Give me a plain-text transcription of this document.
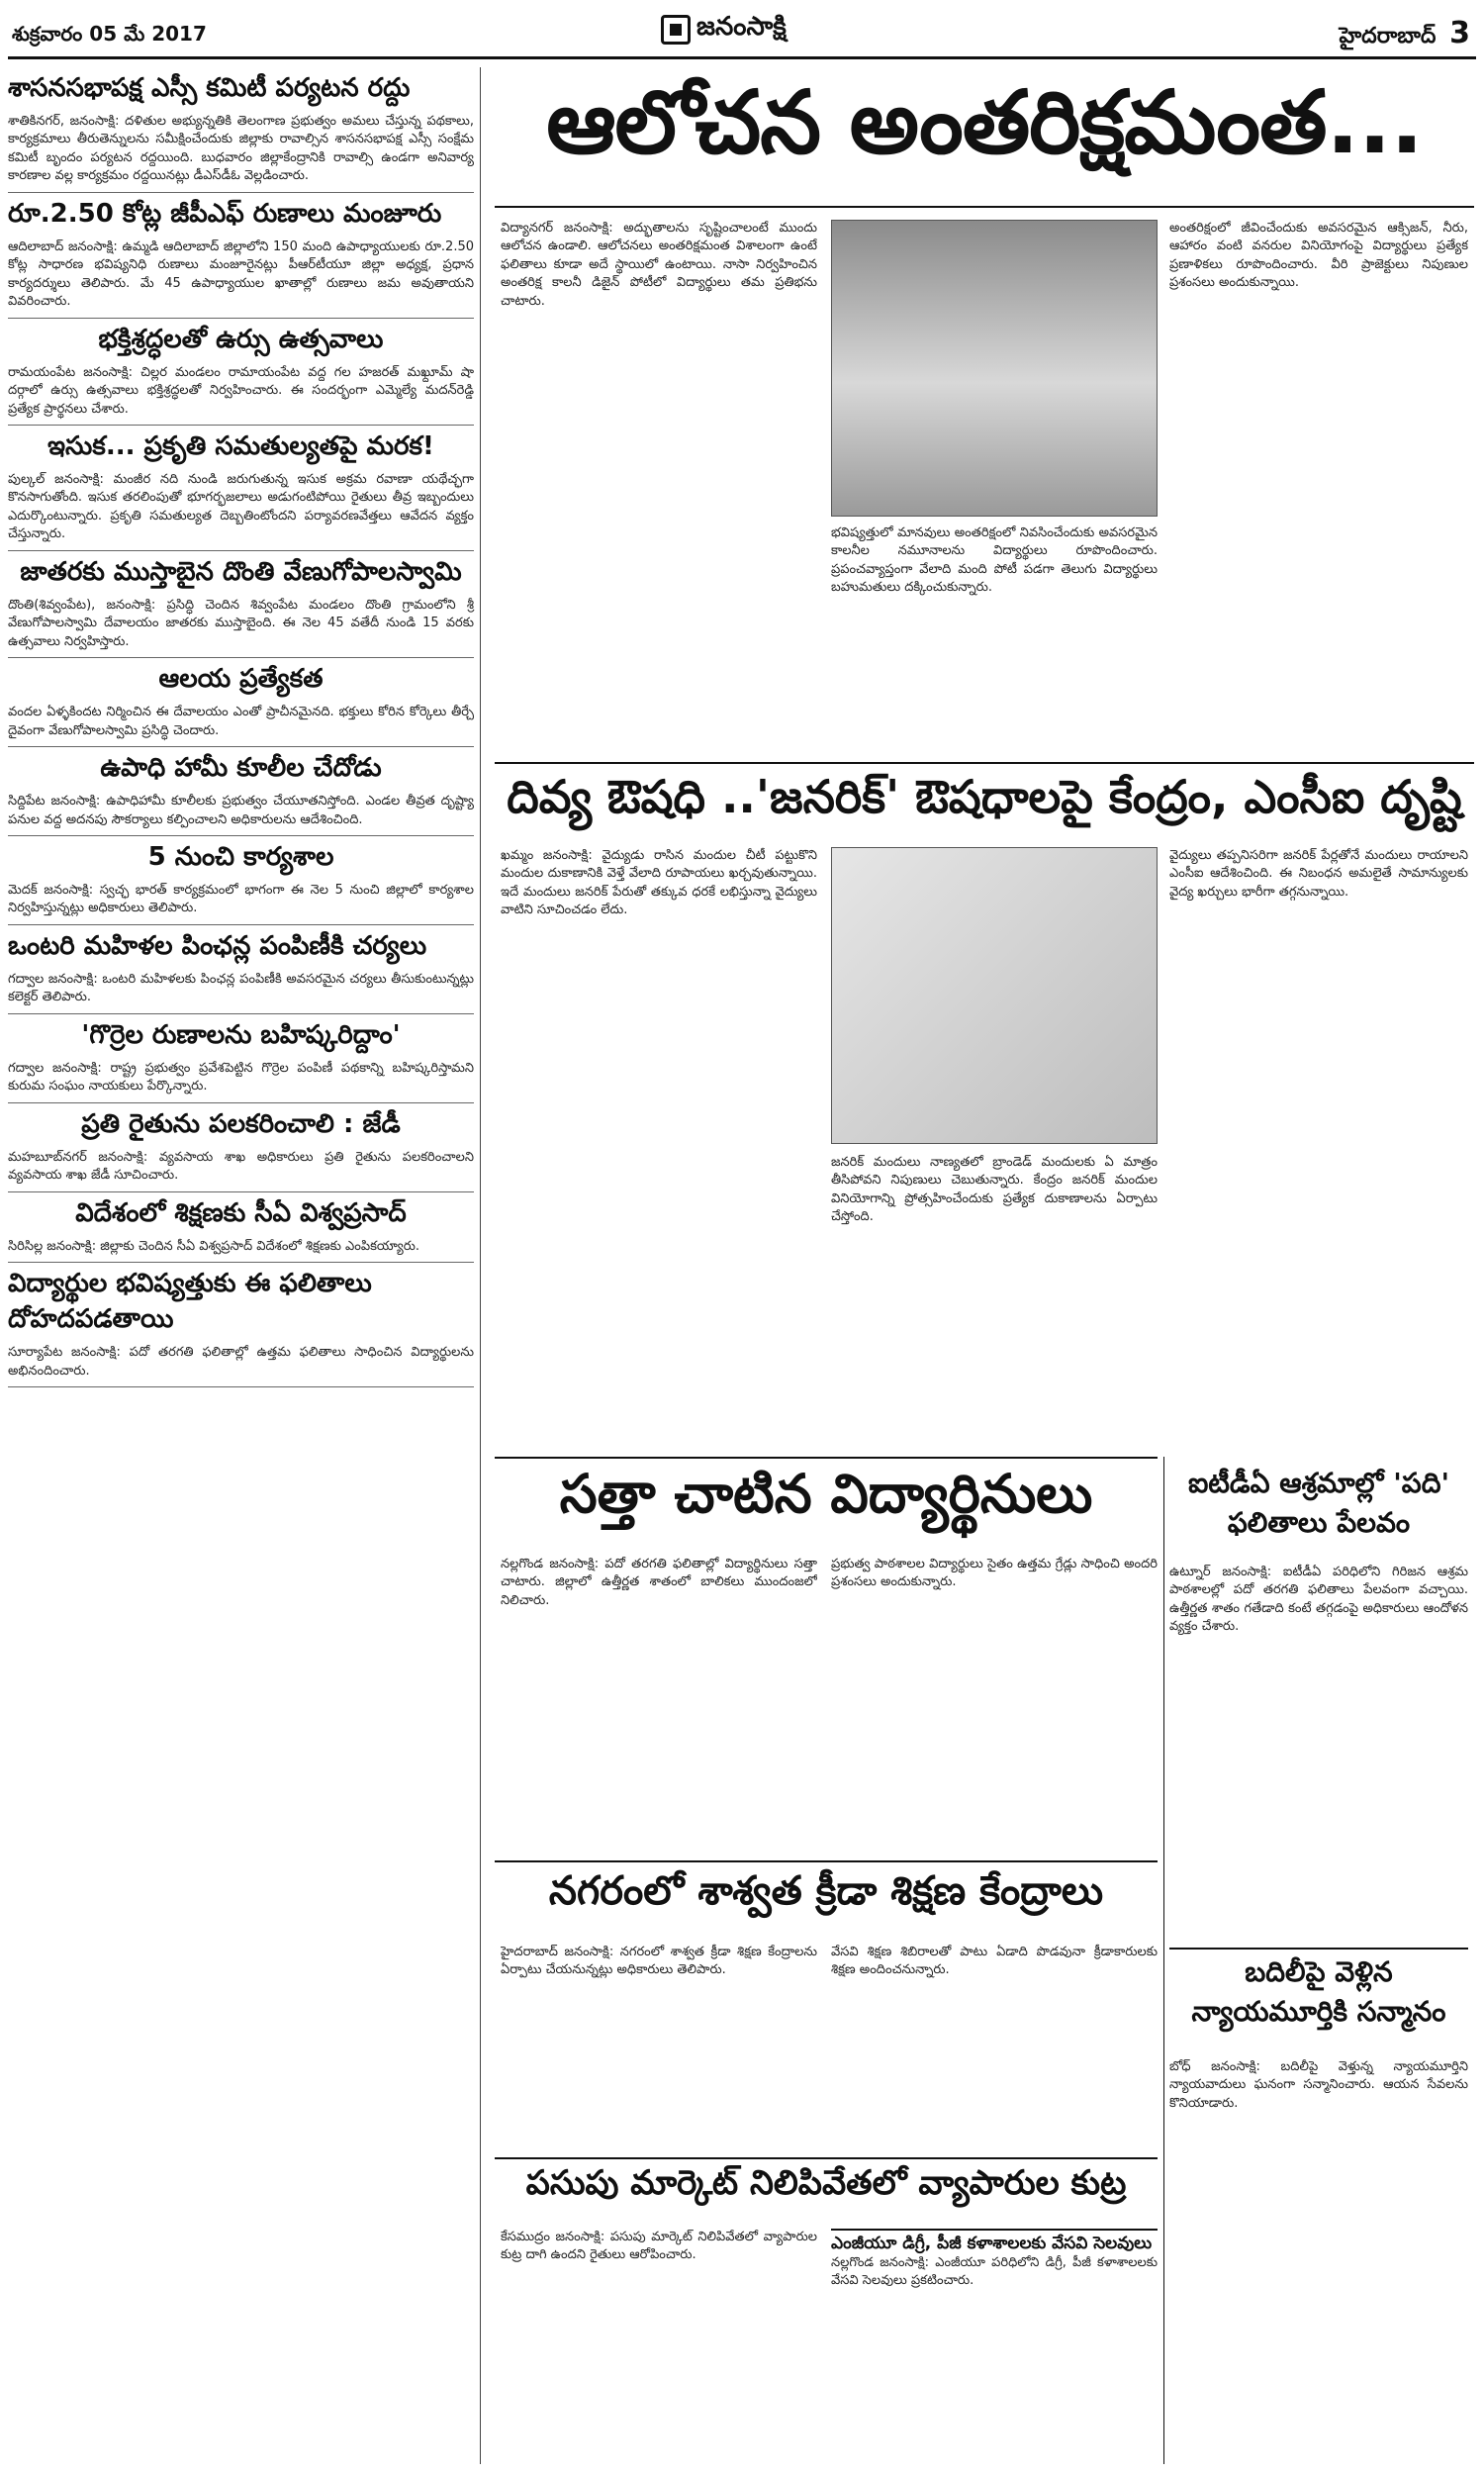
శుక్రవారం 05 మే 2017	జనంసాక్షి	హైదరాబాద్ 3
శాసనసభాపక్ష ఎస్సీ కమిటీ పర్యటన రద్దు

శాతికినగర్, జనంసాక్షి: దళితుల అభ్యున్నతికి తెలంగాణ ప్రభుత్వం అమలు చేస్తున్న పథకాలు, కార్యక్రమాలు తీరుతెన్నులను సమీక్షించేందుకు జిల్లాకు రావాల్సిన శాసనసభాపక్ష ఎస్సీ సంక్షేమ కమిటీ బృందం పర్యటన రద్దయింది. బుధవారం జిల్లాకేంద్రానికి రావాల్సి ఉండగా అనివార్య కారణాల వల్ల కార్యక్రమం రద్దయినట్లు డీఎస్‌డీఓ వెల్లడించారు.

రూ.2.50 కోట్ల జీపీఎఫ్ రుణాలు మంజూరు

ఆదిలాబాద్ జనంసాక్షి: ఉమ్మడి ఆదిలాబాద్ జిల్లాలోని 150 మంది ఉపాధ్యాయులకు రూ.2.50 కోట్ల సాధారణ భవిష్యనిధి రుణాలు మంజూరైనట్లు పీఆర్‌టీయూ జిల్లా అధ్యక్ష, ప్రధాన కార్యదర్శులు తెలిపారు. మే 45 ఉపాధ్యాయుల ఖాతాల్లో రుణాలు జమ అవుతాయని వివరించారు.

భక్తిశ్రద్ధలతో ఉర్సు ఉత్సవాలు

రామయంపేట జనంసాక్షి: చిల్లర మండలం రామాయంపేట వద్ద గల హజరత్ మఖ్దూమ్ షా దర్గాలో ఉర్సు ఉత్సవాలు భక్తిశ్రద్ధలతో నిర్వహించారు. ఈ సందర్భంగా ఎమ్మెల్యే మదన్‌రెడ్డి ప్రత్యేక ప్రార్థనలు చేశారు.

ఇసుక... ప్రకృతి సమతుల్యతపై మరక!

పుల్కల్ జనంసాక్షి: మంజీర నది నుండి జరుగుతున్న ఇసుక అక్రమ రవాణా యథేచ్ఛగా కొనసాగుతోంది. ఇసుక తరలింపుతో భూగర్భజలాలు అడుగంటిపోయి రైతులు తీవ్ర ఇబ్బందులు ఎదుర్కొంటున్నారు. ప్రకృతి సమతుల్యత దెబ్బతింటోందని పర్యావరణవేత్తలు ఆవేదన వ్యక్తం చేస్తున్నారు.

జాతరకు ముస్తాబైన దొంతి వేణుగోపాలస్వామి

దొంతి(శివ్వంపేట), జనంసాక్షి: ప్రసిద్ధి చెందిన శివ్వంపేట మండలం దొంతి గ్రామంలోని శ్రీ వేణుగోపాలస్వామి దేవాలయం జాతరకు ముస్తాబైంది. ఈ నెల 45 వతేదీ నుండి 15 వరకు ఉత్సవాలు నిర్వహిస్తారు.

ఆలయ ప్రత్యేకత

వందల ఏళ్ళకిందట నిర్మించిన ఈ దేవాలయం ఎంతో ప్రాచీనమైనది. భక్తులు కోరిన కోర్కెలు తీర్చే దైవంగా వేణుగోపాలస్వామి ప్రసిద్ధి చెందారు.

ఉపాధి హామీ కూలీల చేదోడు

సిద్దిపేట జనంసాక్షి: ఉపాధిహామీ కూలీలకు ప్రభుత్వం చేయూతనిస్తోంది. ఎండల తీవ్రత దృష్ట్యా పనుల వద్ద అదనపు సౌకర్యాలు కల్పించాలని అధికారులను ఆదేశించింది.

5 నుంచి కార్యశాల

మెదక్ జనంసాక్షి: స్వచ్ఛ భారత్ కార్యక్రమంలో భాగంగా ఈ నెల 5 నుంచి జిల్లాలో కార్యశాల నిర్వహిస్తున్నట్లు అధికారులు తెలిపారు.

ఒంటరి మహిళల పింఛన్ల పంపిణీకి చర్యలు

గద్వాల జనంసాక్షి: ఒంటరి మహిళలకు పింఛన్ల పంపిణీకి అవసరమైన చర్యలు తీసుకుంటున్నట్లు కలెక్టర్ తెలిపారు.

'గొర్రెల రుణాలను బహిష్కరిద్దాం'

గద్వాల జనంసాక్షి: రాష్ట్ర ప్రభుత్వం ప్రవేశపెట్టిన గొర్రెల పంపిణీ పథకాన్ని బహిష్కరిస్తామని కురుమ సంఘం నాయకులు పేర్కొన్నారు.

ప్రతి రైతును పలకరించాలి : జేడీ

మహబూబ్‌నగర్ జనంసాక్షి: వ్యవసాయ శాఖ అధికారులు ప్రతి రైతును పలకరించాలని వ్యవసాయ శాఖ జేడీ సూచించారు.

విదేశంలో శిక్షణకు సీఏ విశ్వప్రసాద్

సిరిసిల్ల జనంసాక్షి: జిల్లాకు చెందిన సీఏ విశ్వప్రసాద్ విదేశంలో శిక్షణకు ఎంపికయ్యారు.

విద్యార్థుల భవిష్యత్తుకు ఈ ఫలితాలు దోహదపడతాయి

సూర్యాపేట జనంసాక్షి: పదో తరగతి ఫలితాల్లో ఉత్తమ ఫలితాలు సాధించిన విద్యార్థులను అభినందించారు.

ఆలోచన అంతరిక్షమంత...

విద్యానగర్ జనంసాక్షి: అద్భుతాలను సృష్టించాలంటే ముందు ఆలోచన ఉండాలి. ఆలోచనలు అంతరిక్షమంత విశాలంగా ఉంటే ఫలితాలు కూడా అదే స్థాయిలో ఉంటాయి. నాసా నిర్వహించిన అంతరిక్ష కాలనీ డిజైన్ పోటీలో విద్యార్థులు తమ ప్రతిభను చాటారు.

భవిష్యత్తులో మానవులు అంతరిక్షంలో నివసించేందుకు అవసరమైన కాలనీల నమూనాలను విద్యార్థులు రూపొందించారు. ప్రపంచవ్యాప్తంగా వేలాది మంది పోటీ పడగా తెలుగు విద్యార్థులు బహుమతులు దక్కించుకున్నారు.

అంతరిక్షంలో జీవించేందుకు అవసరమైన ఆక్సిజన్, నీరు, ఆహారం వంటి వనరుల వినియోగంపై విద్యార్థులు ప్రత్యేక ప్రణాళికలు రూపొందించారు. వీరి ప్రాజెక్టులు నిపుణుల ప్రశంసలు అందుకున్నాయి.

దివ్య ఔషధి ..'జనరిక్' ఔషధాలపై కేంద్రం, ఎంసీఐ దృష్టి

ఖమ్మం జనంసాక్షి: వైద్యుడు రాసిన మందుల చీటీ పట్టుకొని మందుల దుకాణానికి వెళ్తే వేలాది రూపాయలు ఖర్చవుతున్నాయి. ఇదే మందులు జనరిక్ పేరుతో తక్కువ ధరకే లభిస్తున్నా వైద్యులు వాటిని సూచించడం లేదు.

జనరిక్ మందులు నాణ్యతలో బ్రాండెడ్ మందులకు ఏ మాత్రం తీసిపోవని నిపుణులు చెబుతున్నారు. కేంద్రం జనరిక్ మందుల వినియోగాన్ని ప్రోత్సహించేందుకు ప్రత్యేక దుకాణాలను ఏర్పాటు చేస్తోంది.

వైద్యులు తప్పనిసరిగా జనరిక్ పేర్లతోనే మందులు రాయాలని ఎంసీఐ ఆదేశించింది. ఈ నిబంధన అమలైతే సామాన్యులకు వైద్య ఖర్చులు భారీగా తగ్గనున్నాయి.

సత్తా చాటిన విద్యార్థినులు

నల్లగొండ జనంసాక్షి: పదో తరగతి ఫలితాల్లో విద్యార్థినులు సత్తా చాటారు. జిల్లాలో ఉత్తీర్ణత శాతంలో బాలికలు ముందంజలో నిలిచారు.

ప్రభుత్వ పాఠశాలల విద్యార్థులు సైతం ఉత్తమ గ్రేడ్లు సాధించి అందరి ప్రశంసలు అందుకున్నారు.

ఐటీడీఏ ఆశ్రమాల్లో 'పది' ఫలితాలు పేలవం

ఉట్నూర్ జనంసాక్షి: ఐటీడీఏ పరిధిలోని గిరిజన ఆశ్రమ పాఠశాలల్లో పదో తరగతి ఫలితాలు పేలవంగా వచ్చాయి. ఉత్తీర్ణత శాతం గతేడాది కంటే తగ్గడంపై అధికారులు ఆందోళన వ్యక్తం చేశారు.

నగరంలో శాశ్వత క్రీడా శిక్షణ కేంద్రాలు

హైదరాబాద్ జనంసాక్షి: నగరంలో శాశ్వత క్రీడా శిక్షణ కేంద్రాలను ఏర్పాటు చేయనున్నట్లు అధికారులు తెలిపారు.

వేసవి శిక్షణ శిబిరాలతో పాటు ఏడాది పొడవునా క్రీడాకారులకు శిక్షణ అందించనున్నారు.	బదిలీపై వెళ్లిన న్యాయమూర్తికి సన్మానం

బోధ్ జనంసాక్షి: బదిలీపై వెళ్తున్న న్యాయమూర్తిని న్యాయవాదులు ఘనంగా సన్మానించారు. ఆయన సేవలను కొనియాడారు.

పసుపు మార్కెట్ నిలిపివేతలో వ్యాపారుల కుట్ర

కేసముద్రం జనంసాక్షి: పసుపు మార్కెట్ నిలిపివేతలో వ్యాపారుల కుట్ర దాగి ఉందని రైతులు ఆరోపించారు.

ఎంజీయూ డిగ్రీ, పీజీ కళాశాలలకు వేసవి సెలవులు

నల్లగొండ జనంసాక్షి: ఎంజీయూ పరిధిలోని డిగ్రీ, పీజీ కళాశాలలకు వేసవి సెలవులు ప్రకటించారు.
